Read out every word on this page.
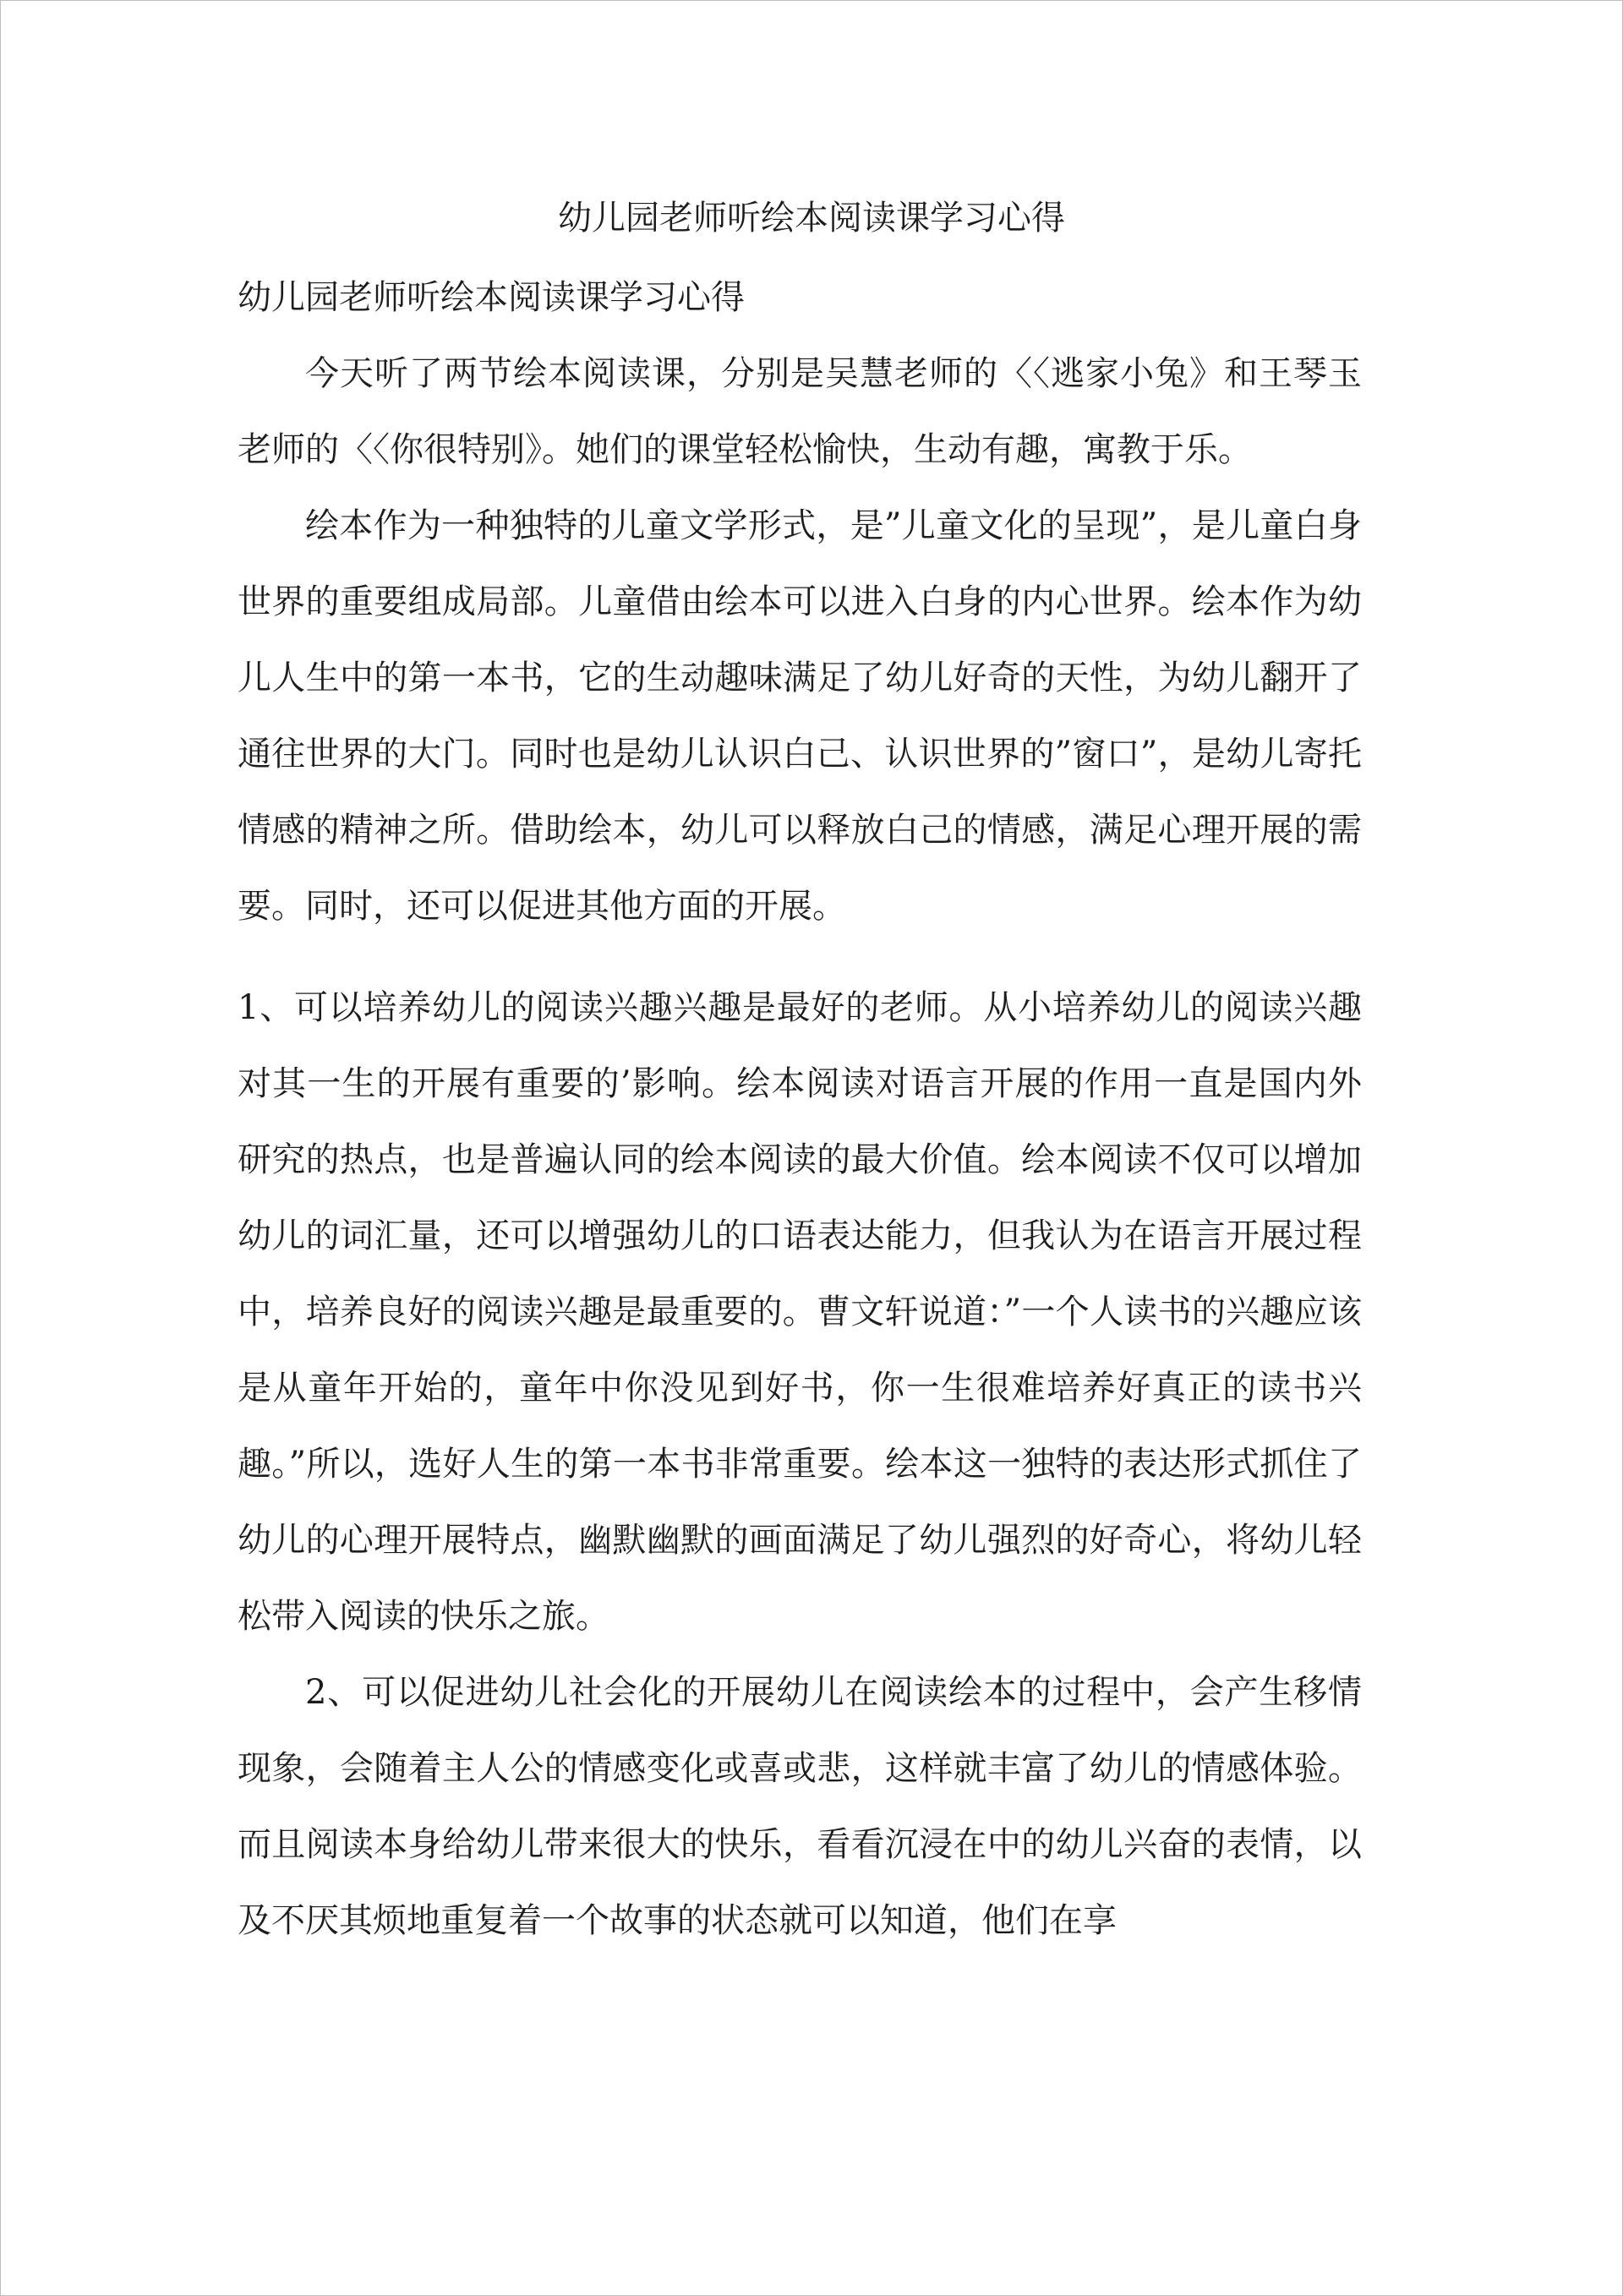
幼儿园老师听绘本阅读课学习心得

幼儿园老师听绘本阅读课学习心得

今天听了两节绘本阅读课，分别是吴慧老师的〈〈逃家小兔》和王琴玉老师的〈〈你很特别》。她们的课堂轻松愉快，生动有趣，寓教于乐。

绘本作为一种独特的儿童文学形式，是”儿童文化的呈现”，是儿童白身世界的重要组成局部。儿童借由绘本可以进入白身的内心世界。绘本作为幼儿人生中的第一本书，它的生动趣味满足了幼儿好奇的天性，为幼儿翻开了通往世界的大门。同时也是幼儿认识白己、认识世界的”窗口”，是幼儿寄托情感的精神之所。借助绘本，幼儿可以释放白己的情感，满足心理开展的需要。同时，还可以促进其他方面的开展。

1、可以培养幼儿的阅读兴趣兴趣是最好的老师。从小培养幼儿的阅读兴趣对其一生的开展有重要的’影响。绘本阅读对语言开展的作用一直是国内外研究的热点，也是普遍认同的绘本阅读的最大价值。绘本阅读不仅可以增加幼儿的词汇量，还可以增强幼儿的口语表达能力，但我认为在语言开展过程中，培养良好的阅读兴趣是最重要的。曹文轩说道：”一个人读书的兴趣应该是从童年开始的，童年中你没见到好书，你一生很难培养好真正的读书兴趣。”所以，选好人生的第一本书非常重要。绘本这一独特的表达形式抓住了幼儿的心理开展特点，幽默幽默的画面满足了幼儿强烈的好奇心，将幼儿轻松带入阅读的快乐之旅。

2、可以促进幼儿社会化的开展幼儿在阅读绘本的过程中，会产生移情现象，会随着主人公的情感变化或喜或悲，这样就丰富了幼儿的情感体验。而且阅读本身给幼儿带来很大的快乐，看看沉浸在中的幼儿兴奋的表情，以及不厌其烦地重复着一个故事的状态就可以知道，他们在享
